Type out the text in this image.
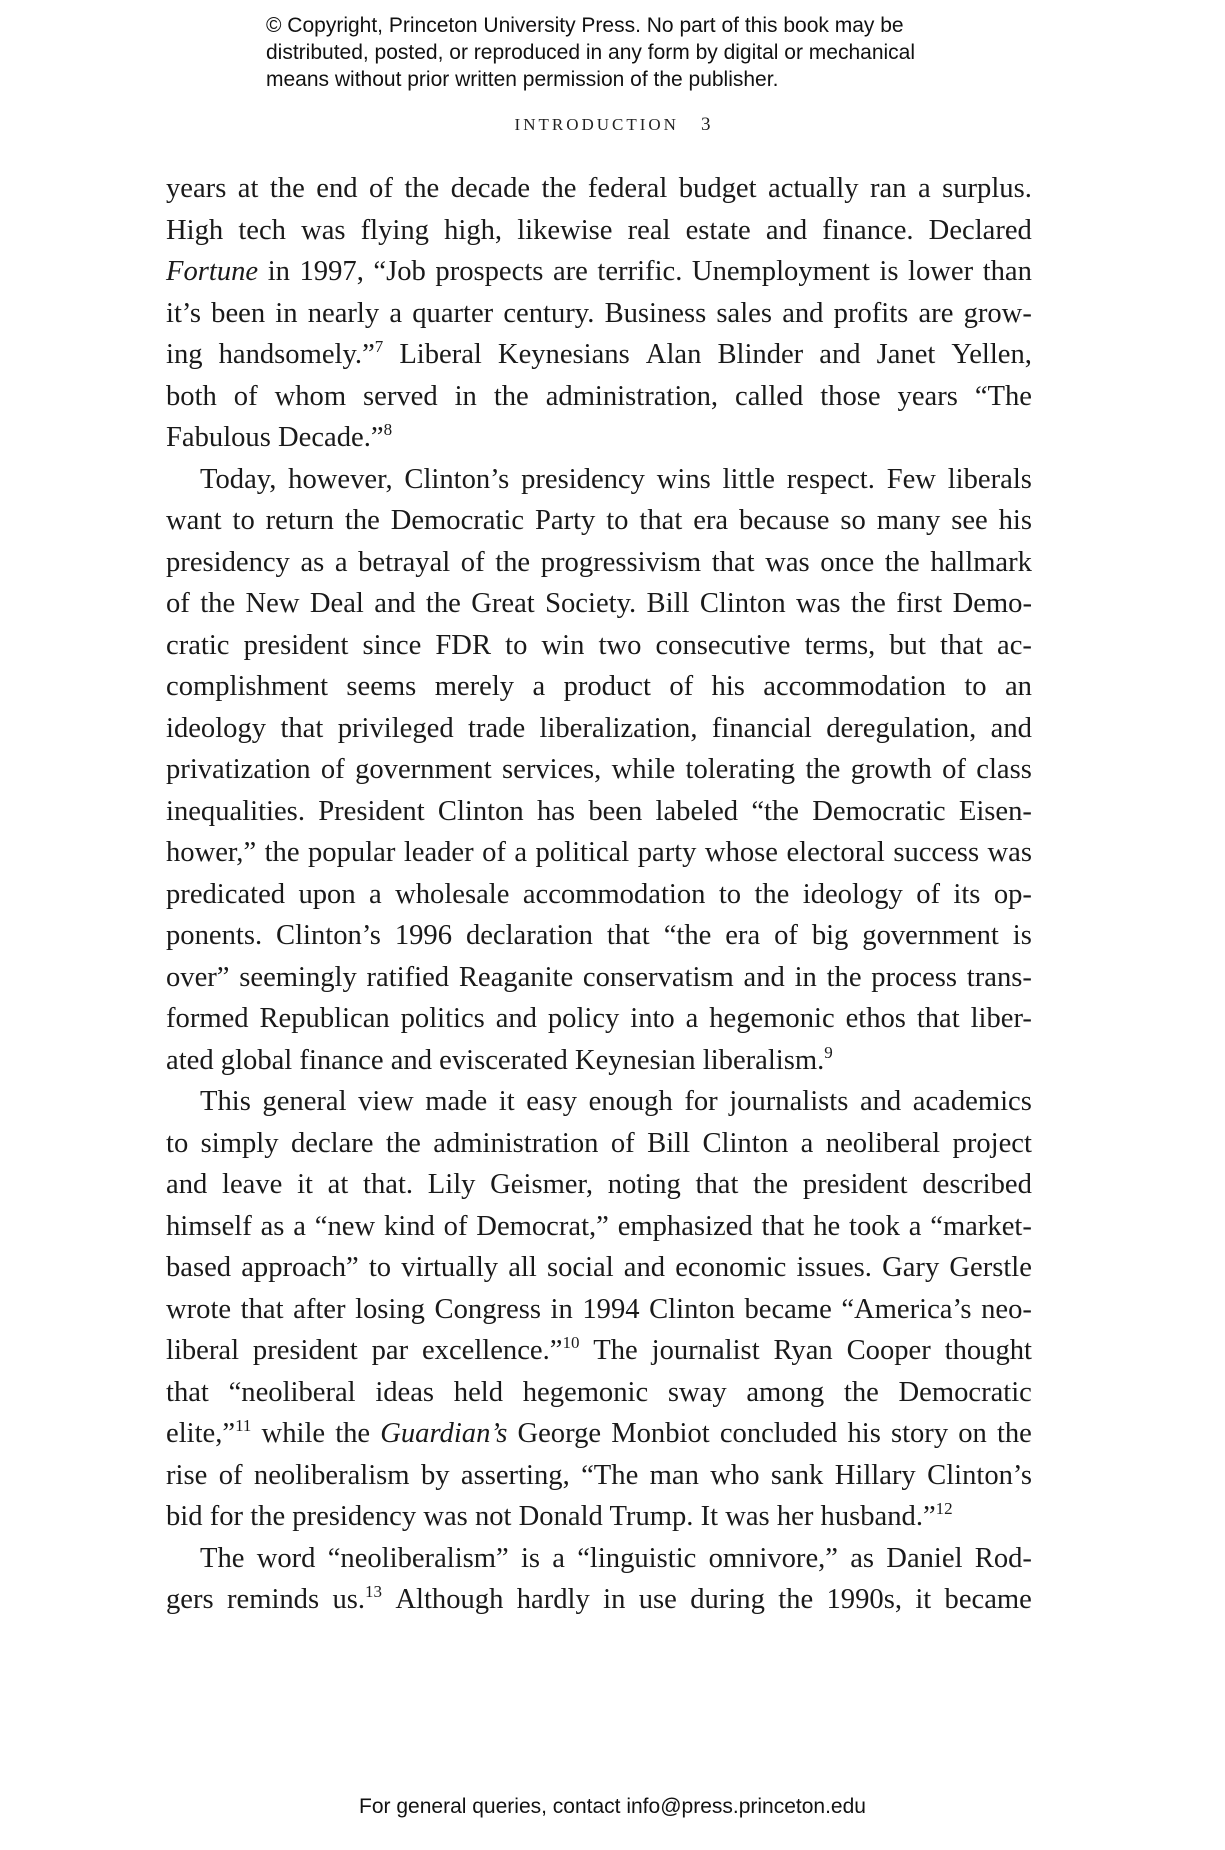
© Copyright, Princeton University Press. No part of this book may be
distributed, posted, or reproduced in any form by digital or mechanical
means without prior written permission of the publisher.
INTRODUCTION 3
years at the end of the decade the federal budget actually ran a surplus.
High tech was flying high, likewise real estate and finance. Declared
Fortune in 1997, “Job prospects are terrific. Unemployment is lower than
it’s been in nearly a quarter century. Business sales and profits are grow-
ing handsomely.”$^7$ Liberal Keynesians Alan Blinder and Janet Yellen,
both of whom served in the administration, called those years “The
Fabulous Decade.”$^8$
Today, however, Clinton’s presidency wins little respect. Few liberals
want to return the Democratic Party to that era because so many see his
presidency as a betrayal of the progressivism that was once the hallmark
of the New Deal and the Great Society. Bill Clinton was the first Demo-
cratic president since FDR to win two consecutive terms, but that ac-
complishment seems merely a product of his accommodation to an
ideology that privileged trade liberalization, financial deregulation, and
privatization of government services, while tolerating the growth of class
inequalities. President Clinton has been labeled “the Democratic Eisen-
hower,” the popular leader of a political party whose electoral success was
predicated upon a wholesale accommodation to the ideology of its op-
ponents. Clinton’s 1996 declaration that “the era of big government is
over” seemingly ratified Reaganite conservatism and in the process trans-
formed Republican politics and policy into a hegemonic ethos that liber-
ated global finance and eviscerated Keynesian liberalism.$^9$
This general view made it easy enough for journalists and academics
to simply declare the administration of Bill Clinton a neoliberal project
and leave it at that. Lily Geismer, noting that the president described
himself as a “new kind of Democrat,” emphasized that he took a “market-
based approach” to virtually all social and economic issues. Gary Gerstle
wrote that after losing Congress in 1994 Clinton became “America’s neo-
liberal president par excellence.”$^{10}$ The journalist Ryan Cooper thought
that “neoliberal ideas held hegemonic sway among the Democratic
elite,”$^{11}$ while the Guardian’s George Monbiot concluded his story on the
rise of neoliberalism by asserting, “The man who sank Hillary Clinton’s
bid for the presidency was not Donald Trump. It was her husband.”$^{12}$
The word “neoliberalism” is a “linguistic omnivore,” as Daniel Rod-
gers reminds us.$^{13}$ Although hardly in use during the 1990s, it became
For general queries, contact info@press.princeton.edu
